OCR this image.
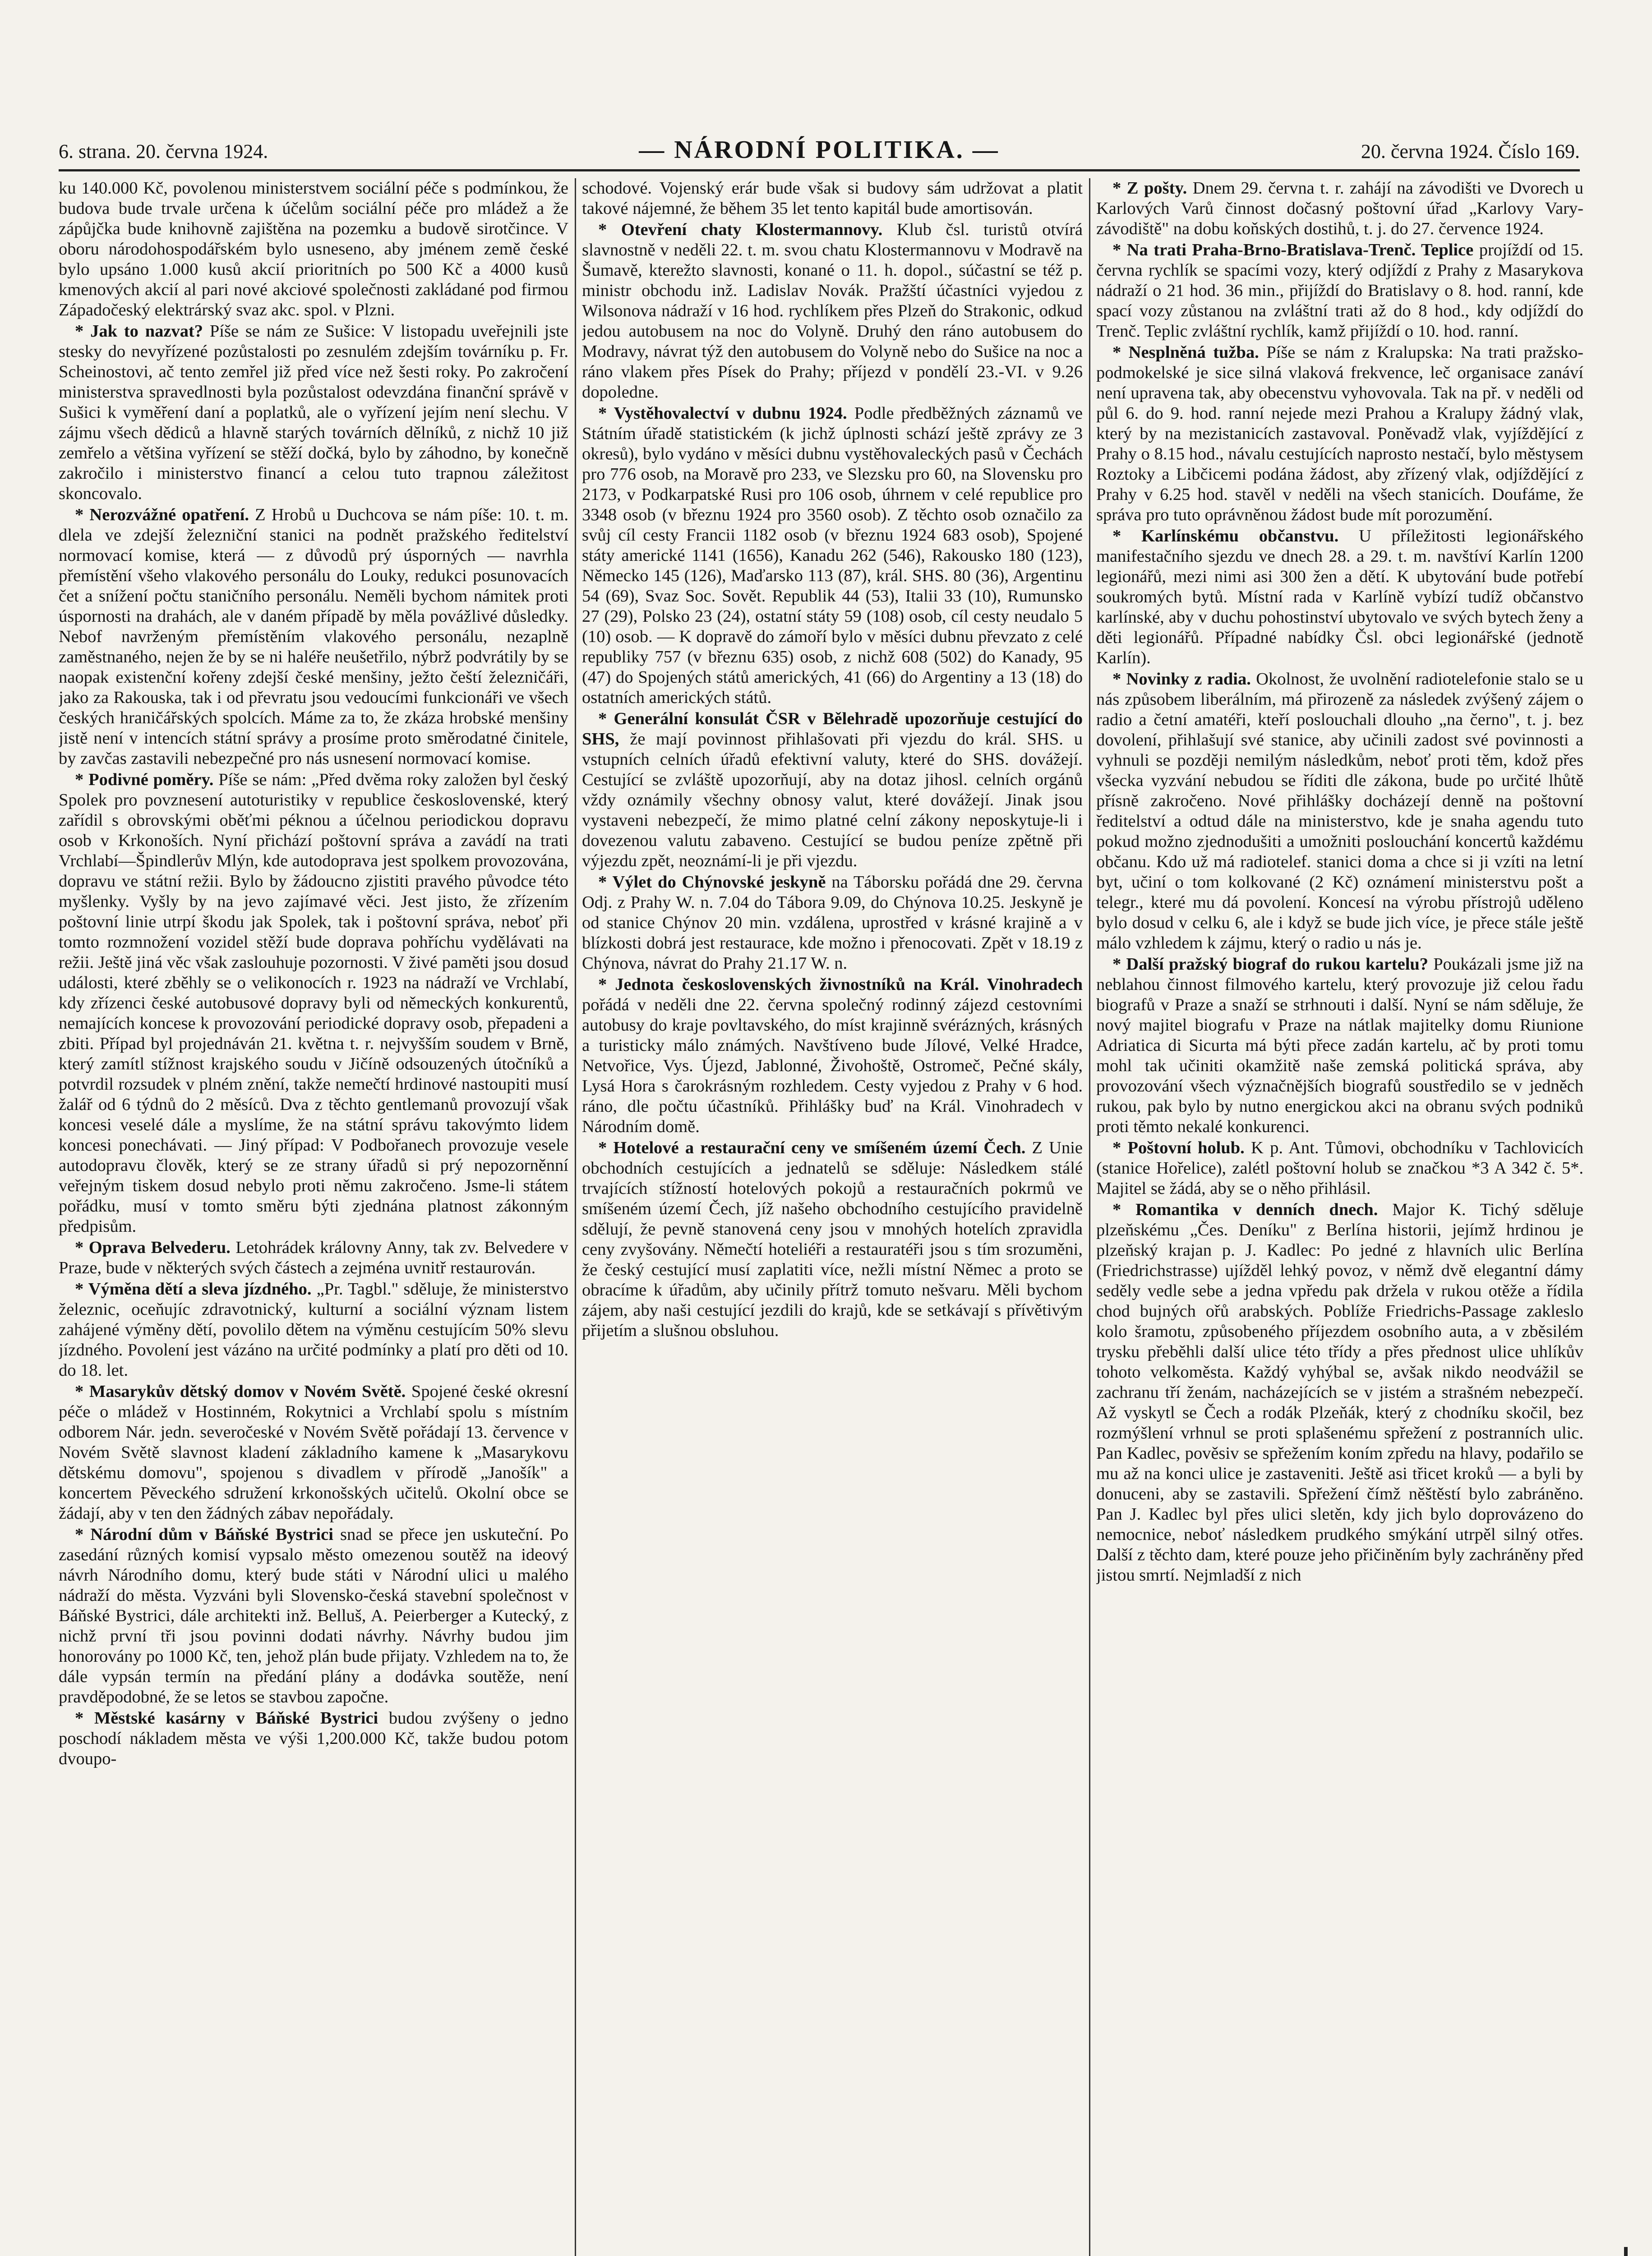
6. strana. 20. června 1924.	— NÁRODNÍ POLITIKA. —	20. června 1924. Číslo 169.

ku 140.000 Kč, povolenou ministerstvem sociální péče s podmínkou, že budova bude trvale určena k účelům sociální péče pro mládež a že zápůjčka bude knihovně zajištěna na pozemku a budově sirotčince. V oboru národohospodářském bylo usneseno, aby jménem země české bylo upsáno 1.000 kusů akcií prioritních po 500 Kč a 4000 kusů kmenových akcií al pari nové akciové společnosti zakládané pod firmou Západočeský elektrárský svaz akc. spol. v Plzni.

* Jak to nazvat? Píše se nám ze Sušice: V listopadu uveřejnili jste stesky do nevyřízené pozůstalosti po zesnulém zdejším továrníku p. Fr. Scheinostovi, ač tento zemřel již před více než šesti roky. Po zakročení ministerstva spravedlnosti byla pozůstalost odevzdána finanční správě v Sušici k vyměření daní a poplatků, ale o vyřízení jejím není slechu. V zájmu všech dědiců a hlavně starých továrních dělníků, z nichž 10 již zemřelo a většina vyřízení se stěží dočká, bylo by záhodno, by konečně zakročilo i ministerstvo financí a celou tuto trapnou záležitost skoncovalo.

* Nerozvážné opatření. Z Hrobů u Duchcova se nám píše: 10. t. m. dlela ve zdejší železniční stanici na podnět pražského ředitelství normovací komise, která — z důvodů prý úsporných — navrhla přemístění všeho vlakového personálu do Louky, redukci posunovacích čet a snížení počtu staničního personálu. Neměli bychom námitek proti úspornosti na drahách, ale v daném případě by měla povážlivé důsledky. Nebof navrženým přemístěním vlakového personálu, nezaplně zaměstnaného, nejen že by se ni haléře neušetřilo, nýbrž podvrátily by se naopak existenční kořeny zdejší české menšiny, ježto čeští železničáři, jako za Rakouska, tak i od převratu jsou vedoucími funkcionáři ve všech českých hraničářských spolcích. Máme za to, že zkáza hrobské menšiny jistě není v intencích státní správy a prosíme proto směrodatné činitele, by zavčas zastavili nebezpečné pro nás usnesení normovací komise.

* Podivné poměry. Píše se nám: „Před dvěma roky založen byl český Spolek pro povznesení autoturistiky v republice československé, který zařídil s obrovskými oběťmi péknou a účelnou periodickou dopravu osob v Krkonoších. Nyní přichází poštovní správa a zavádí na trati Vrchlabí—Špindlerův Mlýn, kde autodoprava jest spolkem provozována, dopravu ve státní režii. Bylo by žádoucno zjistiti pravého původce této myšlenky. Vyšly by na jevo zajímavé věci. Jest jisto, že zřízením poštovní linie utrpí škodu jak Spolek, tak i poštovní správa, neboť při tomto rozmnožení vozidel stěží bude doprava pohříchu vydělávati na režii. Ještě jiná věc však zaslouhuje pozornosti. V živé paměti jsou dosud události, které zběhly se o velikonocích r. 1923 na nádraží ve Vrchlabí, kdy zřízenci české autobusové dopravy byli od německých konkurentů, nemajících koncese k provozování periodické dopravy osob, přepadeni a zbiti. Případ byl projednáván 21. května t. r. nejvyšším soudem v Brně, který zamítl stížnost krajského soudu v Jičíně odsouzených útočníků a potvrdil rozsudek v plném znění, takže nemečtí hrdinové nastoupiti musí žalář od 6 týdnů do 2 měsíců. Dva z těchto gentlemanů provozují však koncesi veselé dále a myslíme, že na státní správu takovýmto lidem koncesi ponechávati. — Jiný případ: V Podbořanech provozuje vesele autodopravu člověk, který se ze strany úřadů si prý nepozorněnní veřejným tiskem dosud nebylo proti němu zakročeno. Jsme-li státem pořádku, musí v tomto směru býti zjednána platnost zákonným předpisům.

* Oprava Belvederu. Letohrádek královny Anny, tak zv. Belvedere v Praze, bude v některých svých částech a zejména uvnitř restaurován.

* Výměna dětí a sleva jízdného. „Pr. Tagbl." sděluje, že ministerstvo železnic, oceňujíc zdravotnický, kulturní a sociální význam listem zahájené výměny dětí, povolilo dětem na výměnu cestujícím 50% slevu jízdného. Povolení jest vázáno na určité podmínky a platí pro děti od 10. do 18. let.

* Masarykův dětský domov v Novém Světě. Spojené české okresní péče o mládež v Hostinném, Rokytnici a Vrchlabí spolu s místním odborem Nár. jedn. severočeské v Novém Světě pořádají 13. července v Novém Světě slavnost kladení základního kamene k „Masarykovu dětskému domovu", spojenou s divadlem v přírodě „Janošík" a koncertem Pěveckého sdružení krkonošských učitelů. Okolní obce se žádají, aby v ten den žádných zábav nepořádaly.

* Národní dům v Báňské Bystrici snad se přece jen uskuteční. Po zasedání různých komisí vypsalo město omezenou soutěž na ideový návrh Národního domu, který bude státi v Národní ulici u malého nádraží do města. Vyzváni byli Slovensko-česká stavební společnost v Báňské Bystrici, dále architekti inž. Belluš, A. Peierberger a Kutecký, z nichž první tři jsou povinni dodati návrhy. Návrhy budou jim honorovány po 1000 Kč, ten, jehož plán bude přijaty. Vzhledem na to, že dále vypsán termín na předání plány a dodávka soutěže, není pravděpodobné, že se letos se stavbou započne.

* Městské kasárny v Báňské Bystrici budou zvýšeny o jedno poschodí nákladem města ve výši 1,200.000 Kč, takže budou potom dvoupo-

schodové. Vojenský erár bude však si budovy sám udržovat a platit takové nájemné, že během 35 let tento kapitál bude amortisován.

* Otevření chaty Klostermannovy. Klub čsl. turistů otvírá slavnostně v neděli 22. t. m. svou chatu Klostermannovu v Modravě na Šumavě, kterežto slavnosti, konané o 11. h. dopol., súčastní se též p. ministr obchodu inž. Ladislav Novák. Pražští účastníci vyjedou z Wilsonova nádraží v 16 hod. rychlíkem přes Plzeň do Strakonic, odkud jedou autobusem na noc do Volyně. Druhý den ráno autobusem do Modravy, návrat týž den autobusem do Volyně nebo do Sušice na noc a ráno vlakem přes Písek do Prahy; příjezd v pondělí 23.-VI. v 9.26 dopoledne.

* Vystěhovalectví v dubnu 1924. Podle předběžných záznamů ve Státním úřadě statistickém (k jichž úplnosti schází ještě zprávy ze 3 okresů), bylo vydáno v měsíci dubnu vystěhovaleckých pasů v Čechách pro 776 osob, na Moravě pro 233, ve Slezsku pro 60, na Slovensku pro 2173, v Podkarpatské Rusi pro 106 osob, úhrnem v celé republice pro 3348 osob (v březnu 1924 pro 3560 osob). Z těchto osob označilo za svůj cíl cesty Francii 1182 osob (v březnu 1924 683 osob), Spojené státy americké 1141 (1656), Kanadu 262 (546), Rakousko 180 (123), Německo 145 (126), Maďarsko 113 (87), král. SHS. 80 (36), Argentinu 54 (69), Svaz Soc. Sovět. Republik 44 (53), Italii 33 (10), Rumunsko 27 (29), Polsko 23 (24), ostatní státy 59 (108) osob, cíl cesty neudalo 5 (10) osob. — K dopravě do zámoří bylo v měsíci dubnu převzato z celé republiky 757 (v březnu 635) osob, z nichž 608 (502) do Kanady, 95 (47) do Spojených států amerických, 41 (66) do Argentiny a 13 (18) do ostatních amerických států.

* Generální konsulát ČSR v Bělehradě upozorňuje cestující do SHS, že mají povinnost přihlašovati při vjezdu do král. SHS. u vstupních celních úřadů efektivní valuty, které do SHS. dovážejí. Cestující se zvláště upozorňují, aby na dotaz jihosl. celních orgánů vždy oznámily všechny obnosy valut, které dovážejí. Jinak jsou vystaveni nebezpečí, že mimo platné celní zákony neposkytuje-li i dovezenou valutu zabaveno. Cestující se budou peníze zpětně při výjezdu zpět, neoznámí-li je při vjezdu.

* Výlet do Chýnovské jeskyně na Táborsku pořádá dne 29. června Odj. z Prahy W. n. 7.04 do Tábora 9.09, do Chýnova 10.25. Jeskyně je od stanice Chýnov 20 min. vzdálena, uprostřed v krásné krajině a v blízkosti dobrá jest restaurace, kde možno i přenocovati. Zpět v 18.19 z Chýnova, návrat do Prahy 21.17 W. n.

* Jednota československých živnostníků na Král. Vinohradech pořádá v neděli dne 22. června společný rodinný zájezd cestovními autobusy do kraje povltavského, do míst krajinně svérázných, krásných a turisticky málo známých. Navštíveno bude Jílové, Velké Hradce, Netvořice, Vys. Újezd, Jablonné, Živohoště, Ostromeč, Pečné skály, Lysá Hora s čarokrásným rozhledem. Cesty vyjedou z Prahy v 6 hod. ráno, dle počtu účastníků. Přihlášky buď na Král. Vinohradech v Národním domě.

* Hotelové a restaurační ceny ve smíšeném území Čech. Z Unie obchodních cestujících a jednatelů se sděluje: Následkem stálé trvajících stížností hotelových pokojů a restauračních pokrmů ve smíšeném území Čech, jíž našeho obchodního cestujícího pravidelně sdělují, že pevně stanovená ceny jsou v mnohých hotelích zpravidla ceny zvyšovány. Němečtí hoteliéři a restauratéři jsou s tím srozuměni, že český cestující musí zaplatiti více, nežli místní Němec a proto se obracíme k úřadům, aby učinily přítrž tomuto nešvaru. Měli bychom zájem, aby naši cestující jezdili do krajů, kde se setkávají s přívětivým přijetím a slušnou obsluhou.

* Z pošty. Dnem 29. června t. r. zahájí na závodišti ve Dvorech u Karlových Varů činnost dočasný poštovní úřad „Karlovy Vary-závodiště" na dobu koňských dostihů, t. j. do 27. července 1924.

* Na trati Praha-Brno-Bratislava-Trenč. Teplice projíždí od 15. června rychlík se spacími vozy, který odjíždí z Prahy z Masarykova nádraží o 21 hod. 36 min., přijíždí do Bratislavy o 8. hod. ranní, kde spací vozy zůstanou na zvláštní trati až do 8 hod., kdy odjíždí do Trenč. Teplic zvláštní rychlík, kamž přijíždí o 10. hod. ranní.

* Nesplněná tužba. Píše se nám z Kralupska: Na trati pražsko-podmokelské je sice silná vlaková frekvence, leč organisace zanáví není upravena tak, aby obecenstvu vyhovovala. Tak na př. v neděli od půl 6. do 9. hod. ranní nejede mezi Prahou a Kralupy žádný vlak, který by na mezistanicích zastavoval. Poněvadž vlak, vyjíždějící z Prahy o 8.15 hod., návalu cestujících naprosto nestačí, bylo městysem Roztoky a Libčicemi podána žádost, aby zřízený vlak, odjíždějící z Prahy v 6.25 hod. stavěl v neděli na všech stanicích. Doufáme, že správa pro tuto oprávněnou žádost bude mít porozumění.

* Karlínskému občanstvu. U příležitosti legionářského manifestačního sjezdu ve dnech 28. a 29. t. m. navštíví Karlín 1200 legionářů, mezi nimi asi 300 žen a dětí. K ubytování bude potřebí soukromých bytů. Místní rada v Karlíně vybízí tudíž občanstvo karlínské, aby v duchu pohostinství ubytovalo ve svých bytech ženy a děti legionářů. Případné nabídky Čsl. obci legionářské (jednotě Karlín).

* Novinky z radia. Okolnost, že uvolnění radiotelefonie stalo se u nás způsobem liberálním, má přirozeně za následek zvýšený zájem o radio a četní amatéři, kteří poslouchali dlouho „na černo", t. j. bez dovolení, přihlašují své stanice, aby učinili zadost své povinnosti a vyhnuli se později nemilým následkům, neboť proti těm, kdož přes všecka vyzvání nebudou se říditi dle zákona, bude po určité lhůtě přísně zakročeno. Nové přihlášky docházejí denně na poštovní ředitelství a odtud dále na ministerstvo, kde je snaha agendu tuto pokud možno zjednodušiti a umožniti poslouchání koncertů každému občanu. Kdo už má radiotelef. stanici doma a chce si ji vzíti na letní byt, učiní o tom kolkované (2 Kč) oznámení ministerstvu pošt a telegr., které mu dá povolení. Koncesí na výrobu přístrojů uděleno bylo dosud v celku 6, ale i když se bude jich více, je přece stále ještě málo vzhledem k zájmu, který o radio u nás je.

* Další pražský biograf do rukou kartelu? Poukázali jsme již na neblahou činnost filmového kartelu, který provozuje již celou řadu biografů v Praze a snaží se strhnouti i další. Nyní se nám sděluje, že nový majitel biografu v Praze na nátlak majitelky domu Riunione Adriatica di Sicurta má býti přece zadán kartelu, ač by proti tomu mohl tak učiniti okamžitě naše zemská politická správa, aby provozování všech význačnějších biografů soustředilo se v jedněch rukou, pak bylo by nutno energickou akci na obranu svých podniků proti těmto nekalé konkurenci.

* Poštovní holub. K p. Ant. Tůmovi, obchodníku v Tachlovicích (stanice Hořelice), zalétl poštovní holub se značkou *3 A 342 č. 5*. Majitel se žádá, aby se o něho přihlásil.

* Romantika v denních dnech. Major K. Tichý sděluje plzeňskému „Čes. Deníku" z Berlína historii, jejímž hrdinou je plzeňský krajan p. J. Kadlec: Po jedné z hlavních ulic Berlína (Friedrichstrasse) ujížděl lehký povoz, v němž dvě elegantní dámy seděly vedle sebe a jedna vpředu pak držela v rukou otěže a řídila chod bujných ořů arabských. Poblíže Friedrichs-Passage zakleslo kolo šramotu, způsobeného příjezdem osobního auta, a v zběsilém trysku přeběhli další ulice této třídy a přes přednost ulice uhlíkův tohoto velkoměsta. Každý vyhýbal se, avšak nikdo neodvážil se zachranu tří ženám, nacházejících se v jistém a strašném nebezpečí. Až vyskytl se Čech a rodák Plzeňák, který z chodníku skočil, bez rozmýšlení vrhnul se proti splašenému spřežení z postranních ulic. Pan Kadlec, pověsiv se spřežením koním zpředu na hlavy, podařilo se mu až na konci ulice je zastaveniti. Ještě asi třicet kroků — a byli by donuceni, aby se zastavili. Spřežení čímž něštěstí bylo zabráněno. Pan J. Kadlec byl přes ulici sletěn, kdy jich bylo doprovázeno do nemocnice, neboť následkem prudkého smýkání utrpěl silný otřes. Další z těchto dam, které pouze jeho přičiněním byly zachráněny před jistou smrtí. Nejmladší z nich
